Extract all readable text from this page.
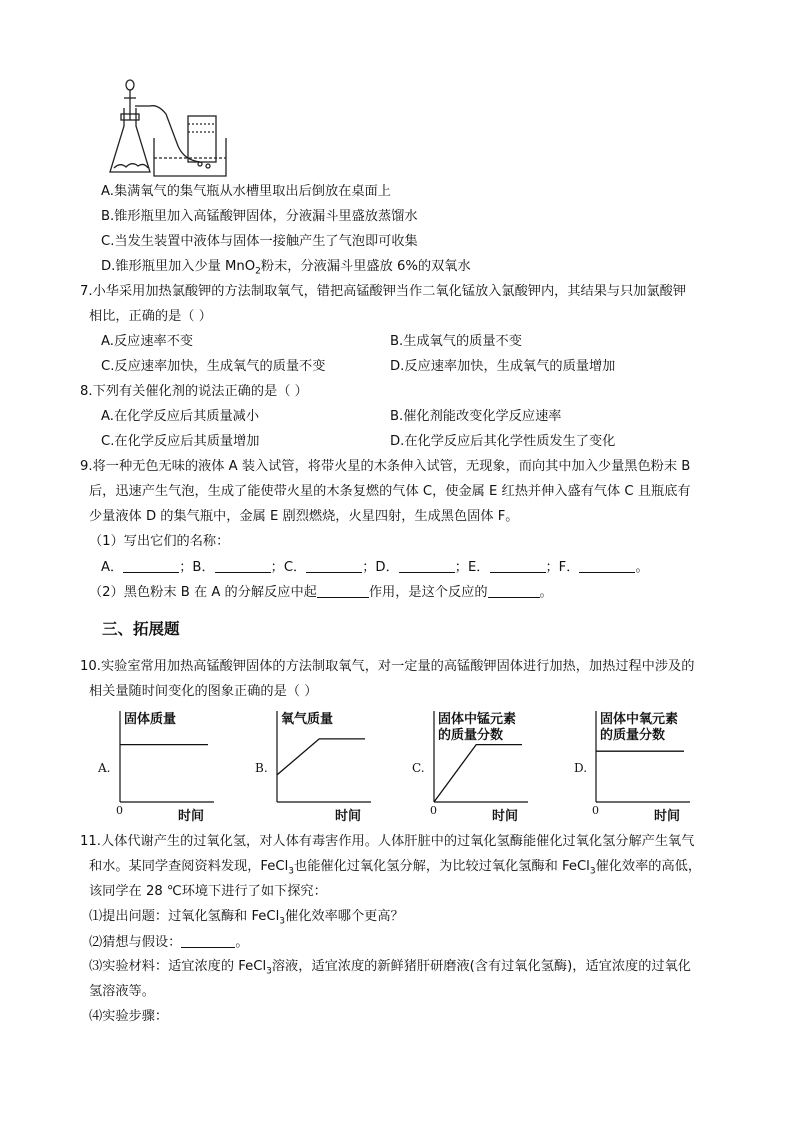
A.集满氧气的集气瓶从水槽里取出后倒放在桌面上
B.锥形瓶里加入高锰酸钾固体，分液漏斗里盛放蒸馏水
C.当发生装置中液体与固体一接触产生了气泡即可收集
D.锥形瓶里加入少量 MnO$_2$粉末，分液漏斗里盛放 6%的双氧水
7.小华采用加热氯酸钾的方法制取氧气，错把高锰酸钾当作二氧化锰放入氯酸钾内，其结果与只加氯酸钾
相比，正确的是（ ）
A.反应速率不变	B.生成氧气的质量不变
C.反应速率加快，生成氧气的质量不变	D.反应速率加快，生成氧气的质量增加
8.下列有关催化剂的说法正确的是（ ）
A.在化学反应后其质量减小	B.催化剂能改变化学反应速率
C.在化学反应后其质量增加	D.在化学反应后其化学性质发生了变化
9.将一种无色无味的液体 A 装入试管，将带火星的木条伸入试管，无现象，而向其中加入少量黑色粉末 B
后，迅速产生气泡，生成了能使带火星的木条复燃的气体 C，使金属 E 红热并伸入盛有气体 C 且瓶底有
少量液体 D 的集气瓶中，金属 E 剧烈燃烧，火星四射，生成黑色固体 F。
（1）写出它们的名称：
A．	；B．	；C．	；D．	；E．	；F．	。
（2）黑色粉末 B 在 A 的分解反应中起	作用，是这个反应的	。
三、拓展题
10.实验室常用加热高锰酸钾固体的方法制取氧气，对一定量的高锰酸钾固体进行加热，加热过程中涉及的
相关量随时间变化的图象正确的是（ ）
固体质量
A.
0	时间
氧气质量
B.
时间
固体中锰元素
的质量分数
C.
0	时间
固体中氧元素
的质量分数
D.
0	时间
11.人体代谢产生的过氧化氢，对人体有毒害作用。人体肝脏中的过氧化氢酶能催化过氧化氢分解产生氧气
和水。某同学查阅资料发现，FeCl$_3$也能催化过氧化氢分解，为比较过氧化氢酶和 FeCl$_3$催化效率的高低，
该同学在 28 ℃环境下进行了如下探究：
⑴提出问题：过氧化氢酶和 FeCl$_3$催化效率哪个更高？
⑵猜想与假设：	。
⑶实验材料：适宜浓度的 FeCl$_3$溶液，适宜浓度的新鲜猪肝研磨液(含有过氧化氢酶)，适宜浓度的过氧化
氢溶液等。
⑷实验步骤：
